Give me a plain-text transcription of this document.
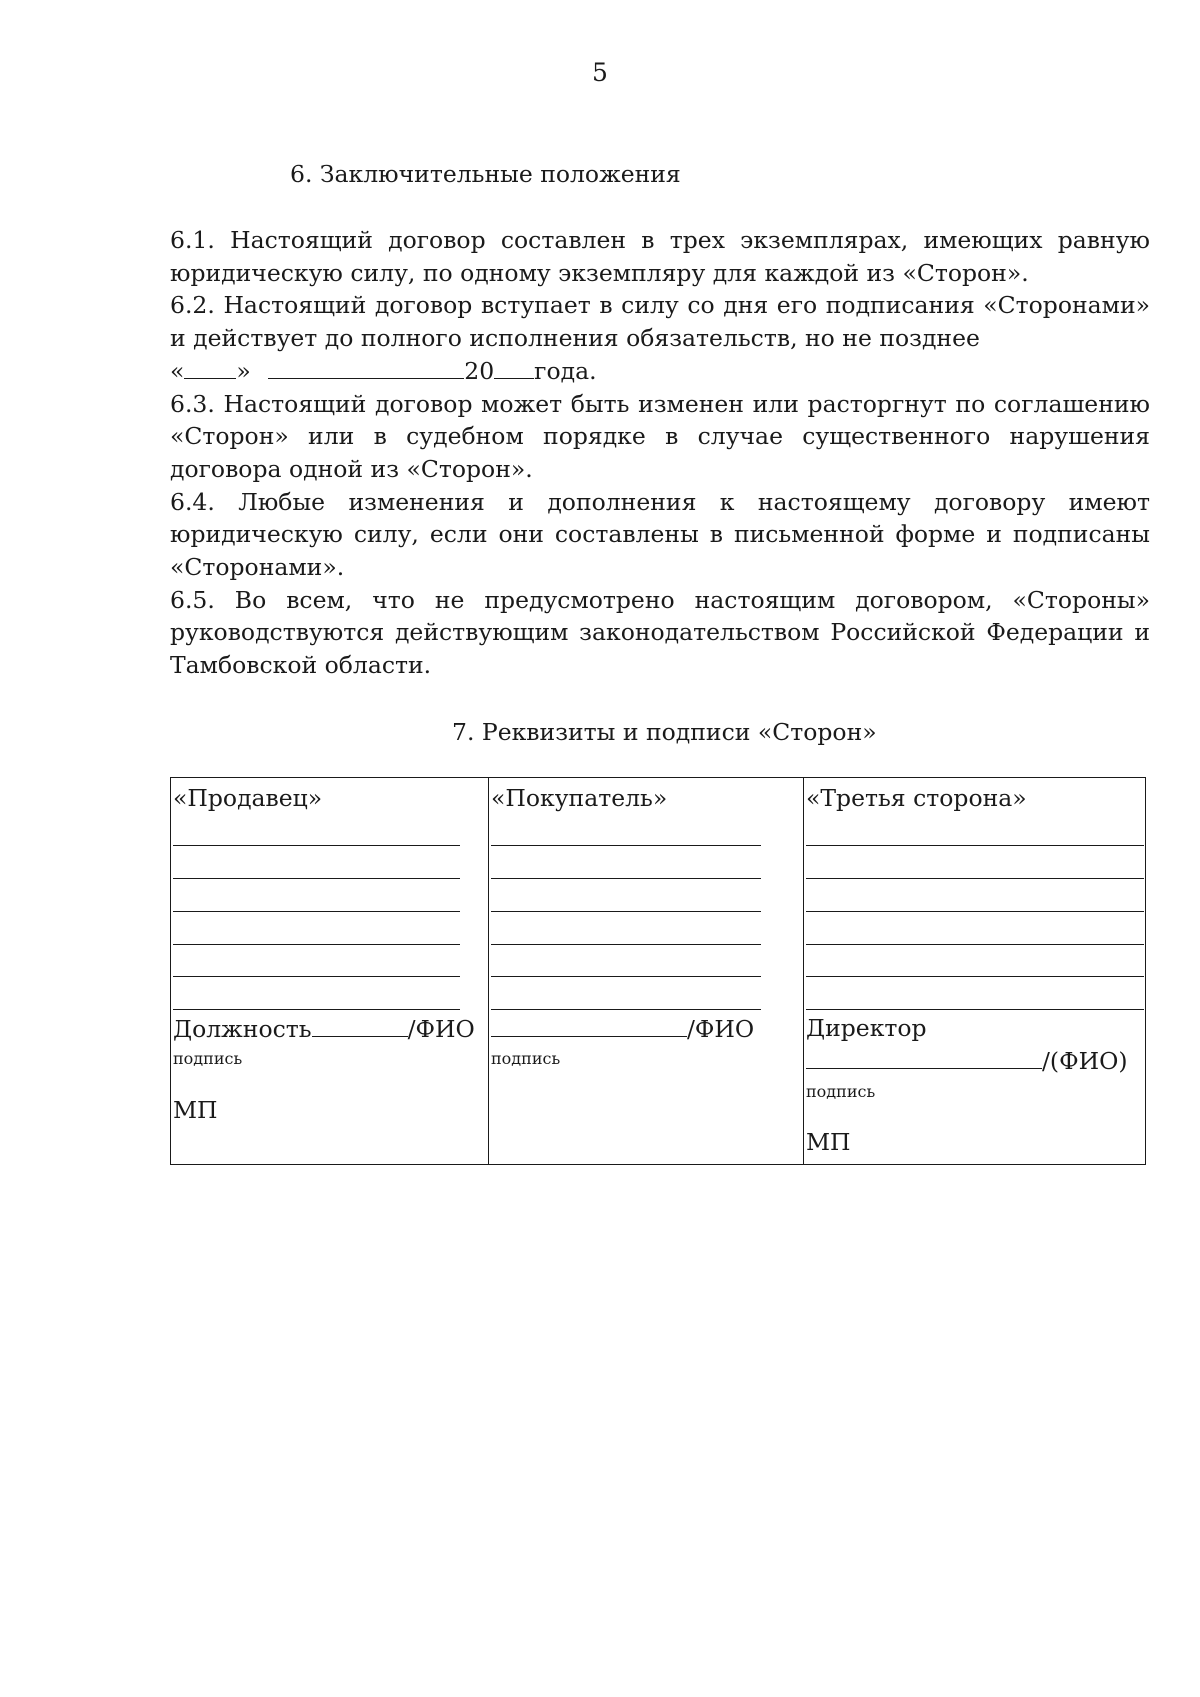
5
6. Заключительные положения

6.1. Настоящий договор составлен в трех экземплярах, имеющих равную юридическую силу, по одному экземпляру для каждой из «Сторон».

6.2. Настоящий договор вступает в силу со дня его подписания «Сторонами» и действует до полного исполнения обязательств, но не позднее
« »	20 года.

6.3. Настоящий договор может быть изменен или расторгнут по соглашению «Сторон» или в судебном порядке в случае существенного нарушения договора одной из «Сторон».

6.4. Любые изменения и дополнения к настоящему договору имеют юридическую силу, если они составлены в письменной форме и подписаны «Сторонами».

6.5. Во всем, что не предусмотрено настоящим договором, «Стороны» руководствуются действующим законодательством Российской Федерации и Тамбовской области.

7. Реквизиты и подписи «Сторон»
«Продавец»
Должность	/ФИО
подпись
МП

«Покупатель»
/ФИО
подпись

«Третья сторона»
Директор
/(ФИО)
подпись
МП
